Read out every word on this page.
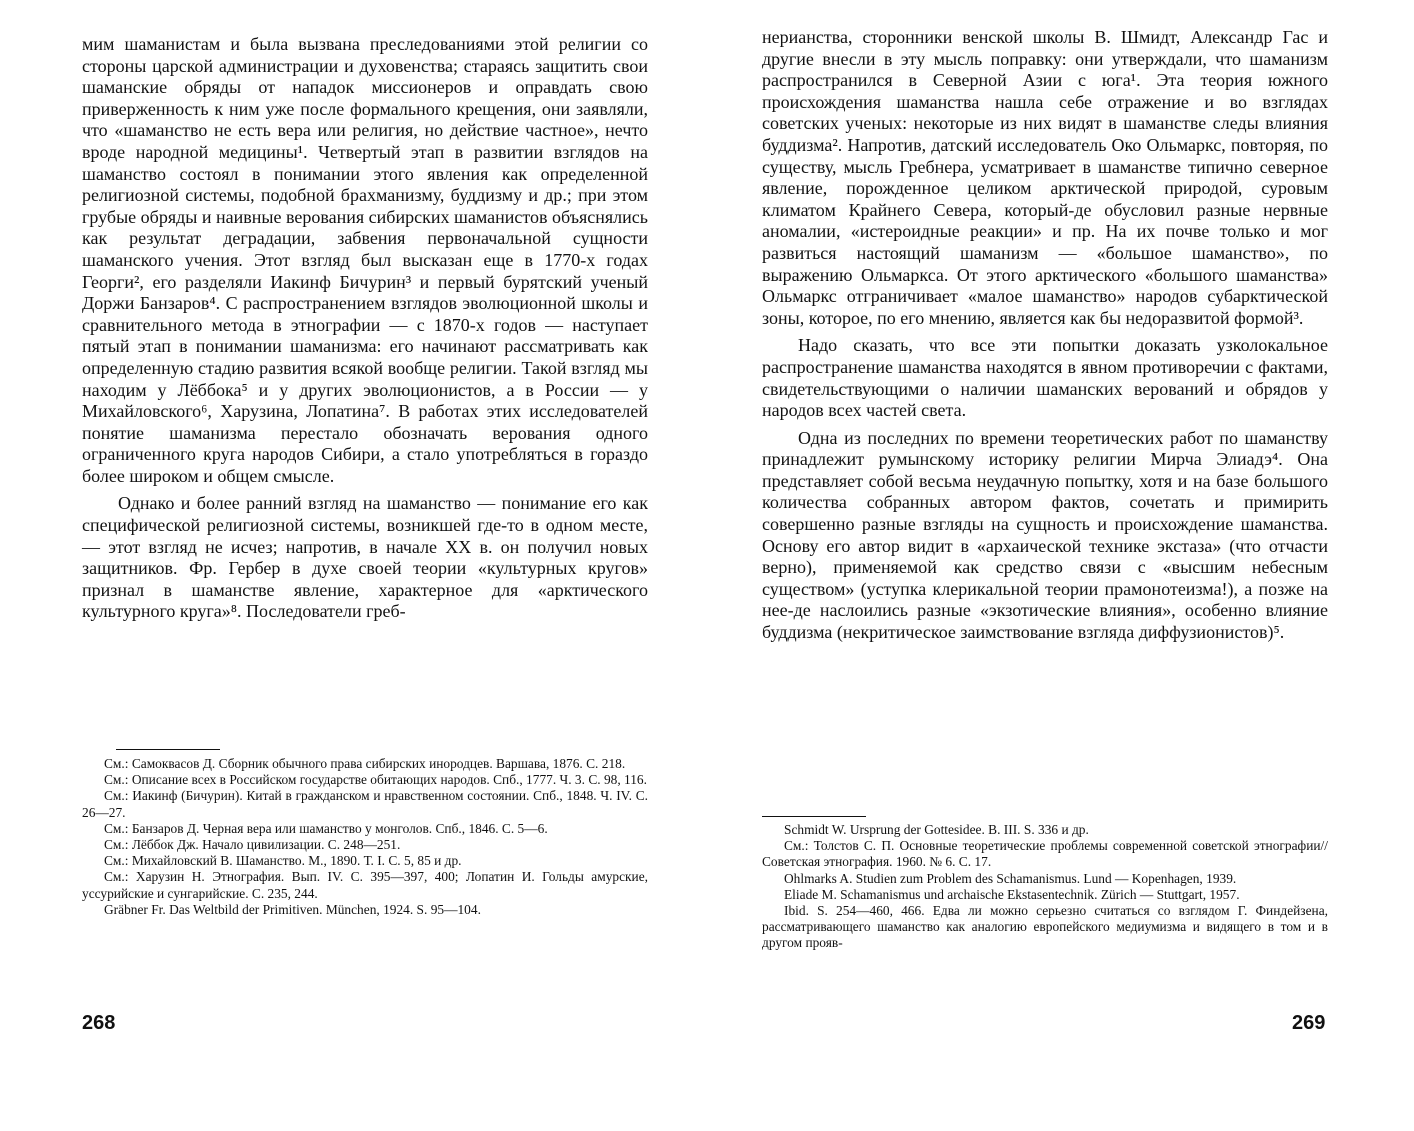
мим шаманистам и была вызвана преследованиями этой религии со стороны царской администрации и духовенства; стараясь защитить свои шаманские обряды от нападок миссионеров и оправдать свою приверженность к ним уже после формального крещения, они заявляли, что «шаманство не есть вера или религия, но действие частное», нечто вроде народной медицины¹. Четвертый этап в развитии взглядов на шаманство состоял в понимании этого явления как определенной религиозной системы, подобной брахманизму, буддизму и др.; при этом грубые обряды и наивные верования сибирских шаманистов объяснялись как результат деградации, забвения первоначальной сущности шаманского учения. Этот взгляд был высказан еще в 1770-х годах Георги², его разделяли Иакинф Бичурин³ и первый бурятский ученый Доржи Банзаров⁴. С распространением взглядов эволюционной школы и сравнительного метода в этнографии — с 1870-х годов — наступает пятый этап в понимании шаманизма: его начинают рассматривать как определенную стадию развития всякой вообще религии. Такой взгляд мы находим у Лёббока⁵ и у других эволюционистов, а в России — у Михайловского⁶, Харузина, Лопатина⁷. В работах этих исследователей понятие шаманизма перестало обозначать верования одного ограниченного круга народов Сибири, а стало употребляться в гораздо более широком и общем смысле.

Однако и более ранний взгляд на шаманство — понимание его как специфической религиозной системы, возникшей где-то в одном месте, — этот взгляд не исчез; напротив, в начале XX в. он получил новых защитников. Фр. Гербер в духе своей теории «культурных кругов» признал в шаманстве явление, характерное для «арктического культурного круга»⁸. Последователи греб-

См.: Самоквасов Д. Сборник обычного права сибирских инородцев. Варшава, 1876. С. 218.

См.: Описание всех в Российском государстве обитающих народов. Спб., 1777. Ч. 3. С. 98, 116.

См.: Иакинф (Бичурин). Китай в гражданском и нравственном состоянии. Спб., 1848. Ч. IV. С. 26—27.

См.: Банзаров Д. Черная вера или шаманство у монголов. Спб., 1846. С. 5—6.

См.: Лёббок Дж. Начало цивилизации. С. 248—251.

См.: Михайловский В. Шаманство. М., 1890. Т. I. С. 5, 85 и др.

См.: Харузин Н. Этнография. Вып. IV. С. 395—397, 400; Лопатин И. Гольды амурские, уссурийские и сунгарийские. С. 235, 244.

Gräbner Fr. Das Weltbild der Primitiven. München, 1924. S. 95—104.

268

нерианства, сторонники венской школы В. Шмидт, Александр Гас и другие внесли в эту мысль поправку: они утверждали, что шаманизм распространился в Северной Азии с юга¹. Эта теория южного происхождения шаманства нашла себе отражение и во взглядах советских ученых: некоторые из них видят в шаманстве следы влияния буддизма². Напротив, датский исследователь Око Ольмаркс, повторяя, по существу, мысль Гребнера, усматривает в шаманстве типично северное явление, порожденное целиком арктической природой, суровым климатом Крайнего Севера, который-де обусловил разные нервные аномалии, «истероидные реакции» и пр. На их почве только и мог развиться настоящий шаманизм — «большое шаманство», по выражению Ольмаркса. От этого арктического «большого шаманства» Ольмаркс отграничивает «малое шаманство» народов субарктической зоны, которое, по его мнению, является как бы недоразвитой формой³.

Надо сказать, что все эти попытки доказать узколокальное распространение шаманства находятся в явном противоречии с фактами, свидетельствующими о наличии шаманских верований и обрядов у народов всех частей света.

Одна из последних по времени теоретических работ по шаманству принадлежит румынскому историку религии Мирча Элиадэ⁴. Она представляет собой весьма неудачную попытку, хотя и на базе большого количества собранных автором фактов, сочетать и примирить совершенно разные взгляды на сущность и происхождение шаманства. Основу его автор видит в «архаической технике экстаза» (что отчасти верно), применяемой как средство связи с «высшим небесным существом» (уступка клерикальной теории прамонотеизма!), а позже на нее-де наслоились разные «экзотические влияния», особенно влияние буддизма (некритическое заимствование взгляда диффузионистов)⁵.

Schmidt W. Ursprung der Gottesidee. B. III. S. 336 и др.

См.: Толстов С. П. Основные теоретические проблемы современной советской этнографии//Советская этнография. 1960. № 6. С. 17.

Ohlmarks A. Studien zum Problem des Schamanismus. Lund — Kopenhagen, 1939.

Eliade M. Schamanismus und archaische Ekstasentechnik. Zürich — Stuttgart, 1957.

Ibid. S. 254—460, 466. Едва ли можно серьезно считаться со взглядом Г. Финдейзена, рассматривающего шаманство как аналогию европейского медиумизма и видящего в том и в другом прояв-

269
